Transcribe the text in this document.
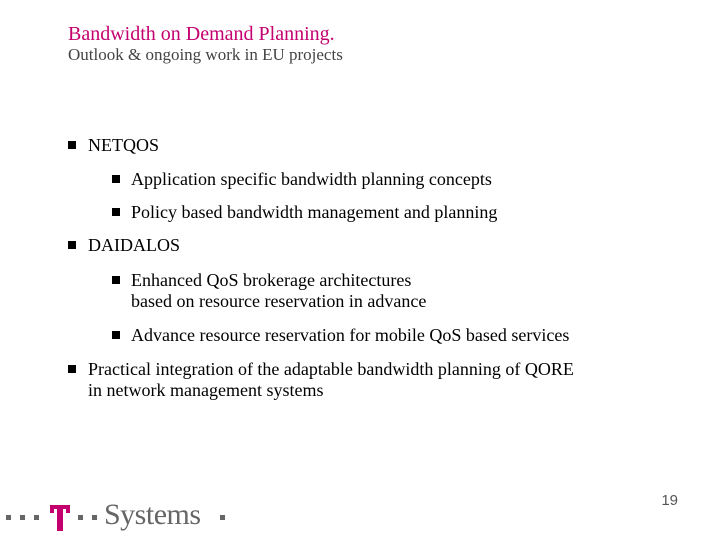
Bandwidth on Demand Planning.
Outlook & ongoing work in EU projects
NETQOS
Application specific bandwidth planning concepts
Policy based bandwidth management and planning
DAIDALOS
Enhanced QoS brokerage architectures
based on resource reservation in advance
Advance resource reservation for mobile QoS based services
Practical integration of the adaptable bandwidth planning of QORE
in network management systems
19
Systems
